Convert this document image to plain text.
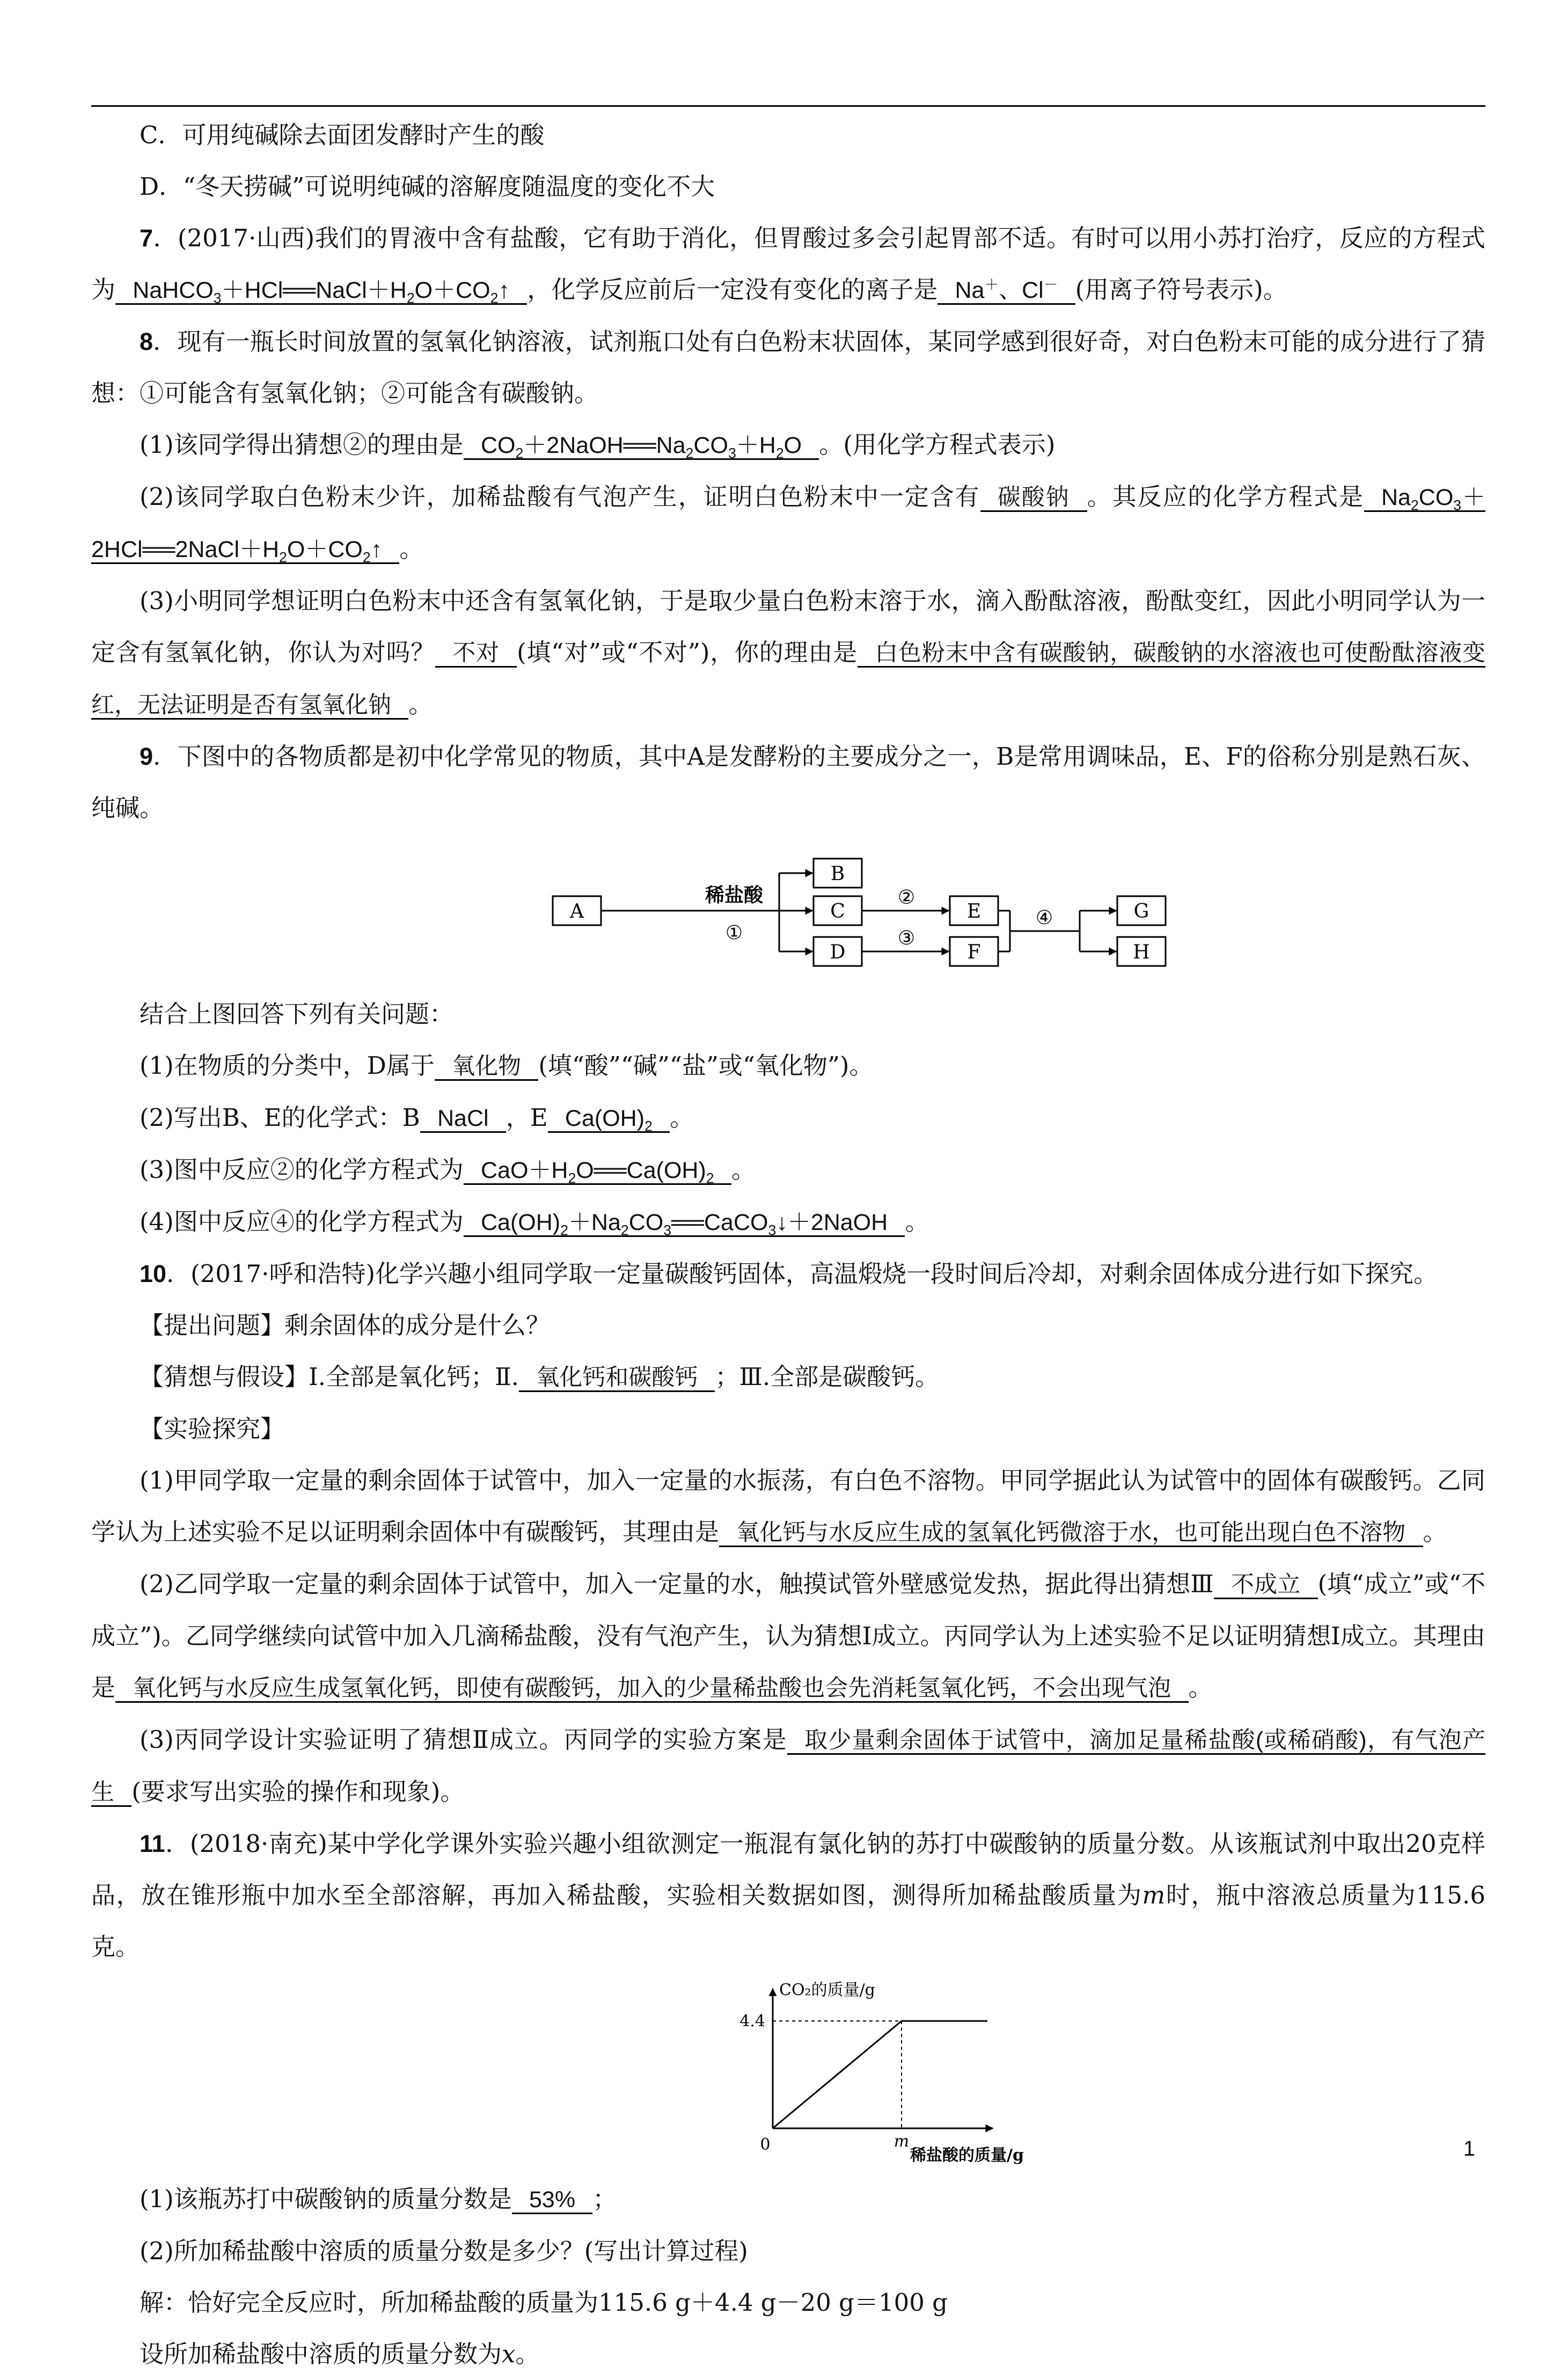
C．可用纯碱除去面团发酵时产生的酸

D．“冬天捞碱”可说明纯碱的溶解度随温度的变化不大

7．(2017·山西)我们的胃液中含有盐酸，它有助于消化，但胃酸过多会引起胃部不适。有时可以用小苏打治疗，反应的方程式为 $NaHCO_3+HCl══NaCl+H_2O+CO_2↑$ ，化学反应前后一定没有变化的离子是 Na＋、Cl－ (用离子符号表示)。

8．现有一瓶长时间放置的氢氧化钠溶液，试剂瓶口处有白色粉末状固体，某同学感到很好奇，对白色粉末可能的成分进行了猜想：①可能含有氢氧化钠；②可能含有碳酸钠。

(1)该同学得出猜想②的理由是 $CO_2+2NaOH══Na_2CO_3+H_2O$ 。(用化学方程式表示)

(2)该同学取白色粉末少许，加稀盐酸有气泡产生，证明白色粉末中一定含有 碳酸钠 。其反应的化学方程式是 $Na_2CO_3+2HCl══2NaCl+H_2O+CO_2↑$ 。

(3)小明同学想证明白色粉末中还含有氢氧化钠，于是取少量白色粉末溶于水，滴入酚酞溶液，酚酞变红，因此小明同学认为一定含有氢氧化钠，你认为对吗？ 不对 (填“对”或“不对”)，你的理由是 白色粉末中含有碳酸钠，碳酸钠的水溶液也可使酚酞溶液变红，无法证明是否有氢氧化钠 。

9．下图中的各物质都是初中化学常见的物质，其中A是发酵粉的主要成分之一，B是常用调味品，E、F的俗称分别是熟石灰、纯碱。

A
B
C
D
E
F
G
H
稀盐酸
①
②
③
④

结合上图回答下列有关问题：

(1)在物质的分类中，D属于 氧化物 (填“酸”“碱”“盐”或“氧化物”)。

(2)写出B、E的化学式：B NaCl ，E $Ca(OH)_2$ 。

(3)图中反应②的化学方程式为 $CaO+H_2O══Ca(OH)_2$ 。

(4)图中反应④的化学方程式为 $Ca(OH)_2+Na_2CO_3══CaCO_3↓+2NaOH$ 。

10．(2017·呼和浩特)化学兴趣小组同学取一定量碳酸钙固体，高温煅烧一段时间后冷却，对剩余固体成分进行如下探究。

【提出问题】剩余固体的成分是什么？

【猜想与假设】Ⅰ.全部是氧化钙；Ⅱ. 氧化钙和碳酸钙 ；Ⅲ.全部是碳酸钙。

【实验探究】

(1)甲同学取一定量的剩余固体于试管中，加入一定量的水振荡，有白色不溶物。甲同学据此认为试管中的固体有碳酸钙。乙同学认为上述实验不足以证明剩余固体中有碳酸钙，其理由是 氧化钙与水反应生成的氢氧化钙微溶于水，也可能出现白色不溶物 。

(2)乙同学取一定量的剩余固体于试管中，加入一定量的水，触摸试管外壁感觉发热，据此得出猜想Ⅲ 不成立 (填“成立”或“不成立”)。乙同学继续向试管中加入几滴稀盐酸，没有气泡产生，认为猜想Ⅰ成立。丙同学认为上述实验不足以证明猜想Ⅰ成立。其理由是 氧化钙与水反应生成氢氧化钙，即使有碳酸钙，加入的少量稀盐酸也会先消耗氢氧化钙，不会出现气泡 。

(3)丙同学设计实验证明了猜想Ⅱ成立。丙同学的实验方案是 取少量剩余固体于试管中，滴加足量稀盐酸(或稀硝酸)，有气泡产生 (要求写出实验的操作和现象)。

11．(2018·南充)某中学化学课外实验兴趣小组欲测定一瓶混有氯化钠的苏打中碳酸钠的质量分数。从该瓶试剂中取出20克样品，放在锥形瓶中加水至全部溶解，再加入稀盐酸，实验相关数据如图，测得所加稀盐酸质量为m时，瓶中溶液总质量为115.6克。

CO₂的质量/g
稀盐酸的质量/g
0
4.4
m

(1)该瓶苏打中碳酸钠的质量分数是 53% ；

(2)所加稀盐酸中溶质的质量分数是多少？(写出计算过程)

解：恰好完全反应时，所加稀盐酸的质量为115.6 g＋4.4 g－20 g＝100 g

设所加稀盐酸中溶质的质量分数为x。

1
